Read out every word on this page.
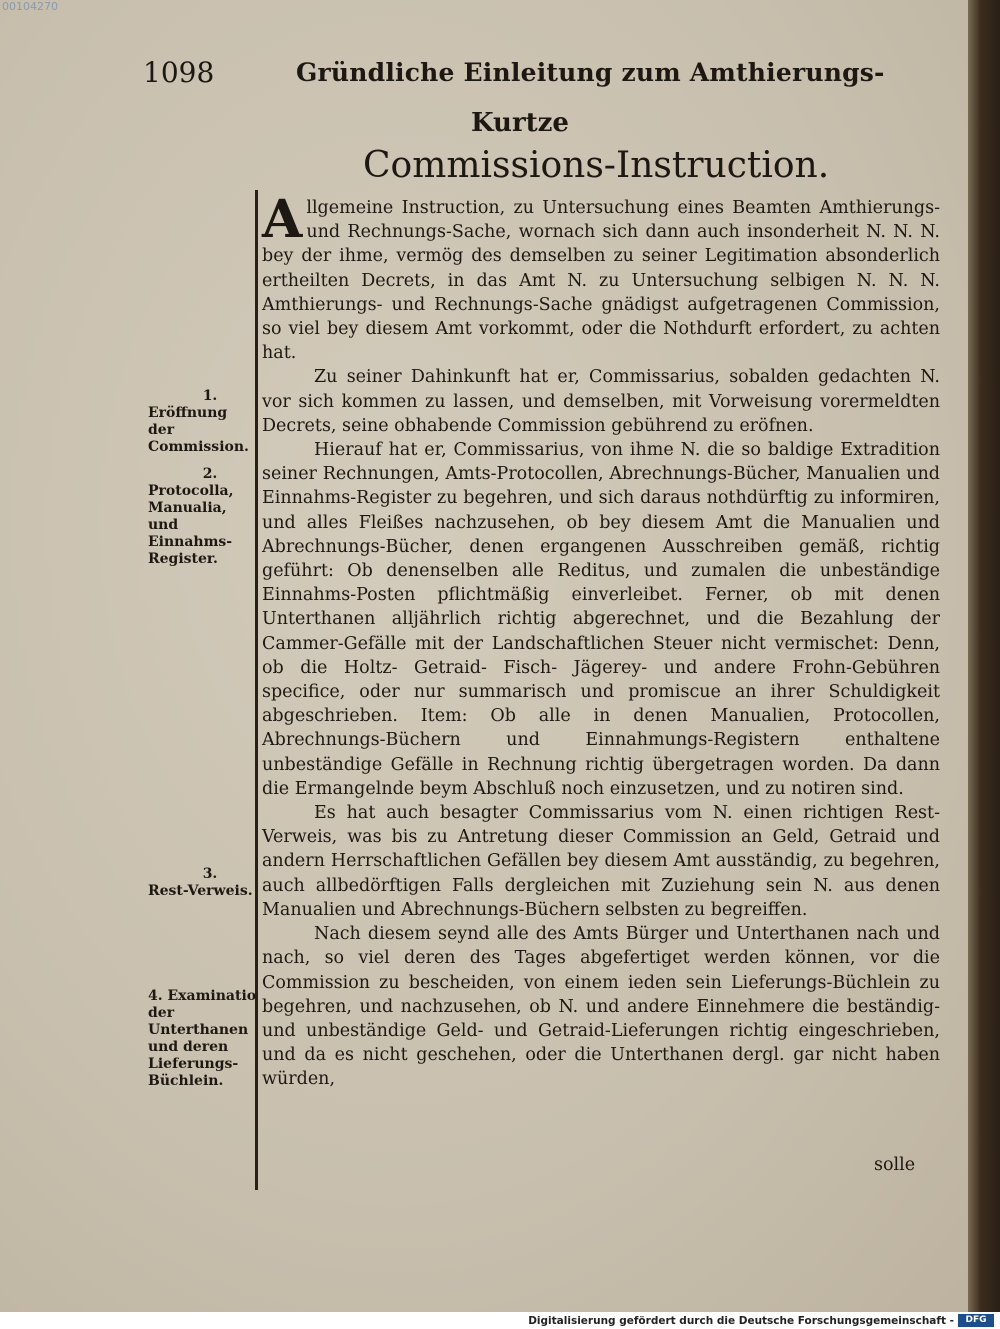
00104270
1098	Gründliche Einleitung zum Amthierungs-
Kurtze
Commissions-Instruction.
1.
Eröffnung der Commission.
2.
Protocolla, Manualia, und Einnahms-Register.
3.
Rest-Verweis.
4. Examinatio der Unterthanen und deren Lieferungs-Büchlein.

Allgemeine Instruction, zu Untersuchung eines Beamten Amthierungs- und Rechnungs-Sache, wornach sich dann auch insonderheit N. N. N. bey der ihme, vermög des demselben zu seiner Legitimation absonderlich ertheilten Decrets, in das Amt N. zu Untersuchung selbigen N. N. N. Amthierungs- und Rechnungs-Sache gnädigst aufgetragenen Commission, so viel bey diesem Amt vorkommt, oder die Nothdurft erfordert, zu achten hat.

Zu seiner Dahinkunft hat er, Commissarius, sobalden gedachten N. vor sich kommen zu lassen, und demselben, mit Vorweisung vorermeldten Decrets, seine obhabende Commission gebührend zu eröfnen.

Hierauf hat er, Commissarius, von ihme N. die so baldige Extradition seiner Rechnungen, Amts-Protocollen, Abrechnungs-Bücher, Manualien und Einnahms-Register zu begehren, und sich daraus nothdürftig zu informiren, und alles Fleißes nachzusehen, ob bey diesem Amt die Manualien und Abrechnungs-Bücher, denen ergangenen Ausschreiben gemäß, richtig geführt: Ob denenselben alle Reditus, und zumalen die unbeständige Einnahms-Posten pflichtmäßig einverleibet. Ferner, ob mit denen Unterthanen alljährlich richtig abgerechnet, und die Bezahlung der Cammer-Gefälle mit der Landschaftlichen Steuer nicht vermischet: Denn, ob die Holtz- Getraid- Fisch- Jägerey- und andere Frohn-Gebühren specifice, oder nur summarisch und promiscue an ihrer Schuldigkeit abgeschrieben. Item: Ob alle in denen Manualien, Protocollen, Abrechnungs-Büchern und Einnahmungs-Registern enthaltene unbeständige Gefälle in Rechnung richtig übergetragen worden. Da dann die Ermangelnde beym Abschluß noch einzusetzen, und zu notiren sind.

Es hat auch besagter Commissarius vom N. einen richtigen Rest-Verweis, was bis zu Antretung dieser Commission an Geld, Getraid und andern Herrschaftlichen Gefällen bey diesem Amt ausständig, zu begehren, auch allbedörftigen Falls dergleichen mit Zuziehung sein N. aus denen Manualien und Abrechnungs-Büchern selbsten zu begreiffen.

Nach diesem seynd alle des Amts Bürger und Unterthanen nach und nach, so viel deren des Tages abgefertiget werden können, vor die Commission zu bescheiden, von einem ieden sein Lieferungs-Büchlein zu begehren, und nachzusehen, ob N. und andere Einnehmere die beständig- und unbeständige Geld- und Getraid-Lieferungen richtig eingeschrieben, und da es nicht geschehen, oder die Unterthanen dergl. gar nicht haben würden,

solle
Digitalisierung gefördert durch die Deutsche Forschungsgemeinschaft -	DFG
